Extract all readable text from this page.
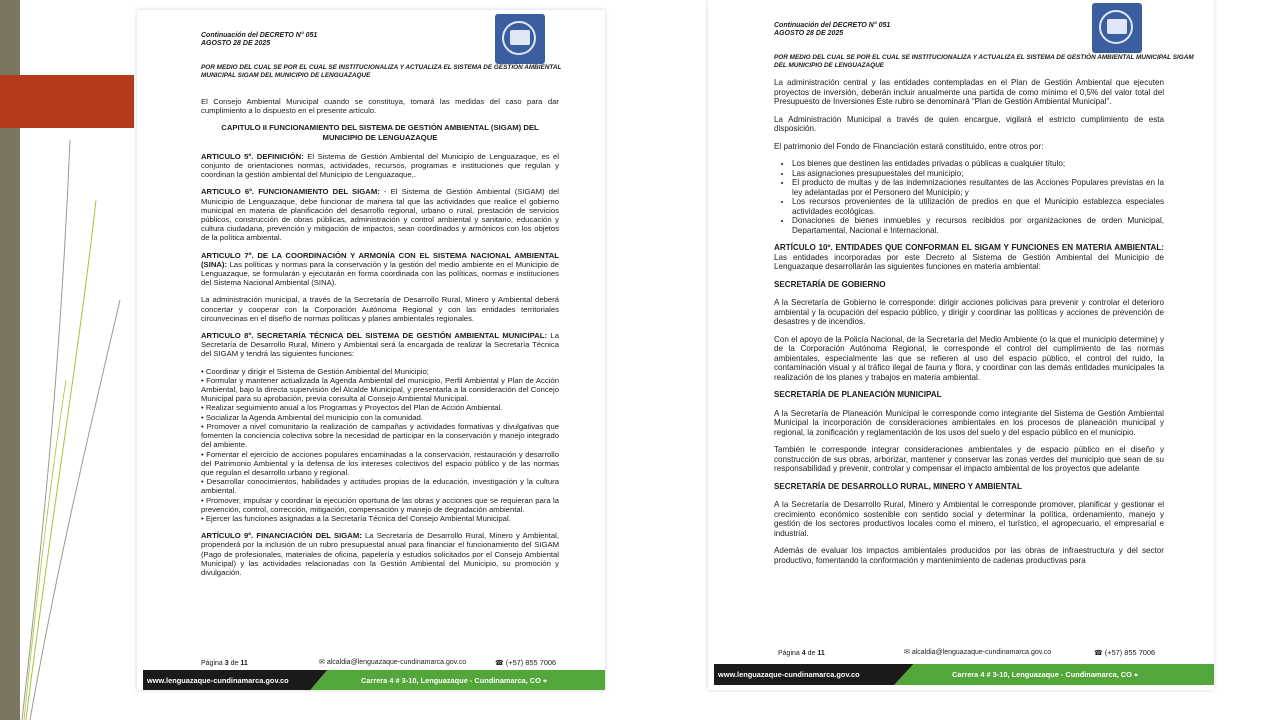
Continuación del DECRETO N° 051
AGOSTO 28 DE 2025
POR MEDIO DEL CUAL SE POR EL CUAL SE INSTITUCIONALIZA Y ACTUALIZA EL SISTEMA DE GESTIÓN AMBIENTAL MUNICIPAL SIGAM DEL MUNICIPIO DE LENGUAZAQUE

El Consejo Ambiental Municipal cuando se constituya, tomará las medidas del caso para dar cumplimiento a lo dispuesto en el presente artículo.

CAPITULO II FUNCIONAMIENTO DEL SISTEMA DE GESTIÓN AMBIENTAL (SIGAM) DEL MUNICIPIO DE LENGUAZAQUE

ARTICULO 5º. DEFINICIÓN: El Sistema de Gestión Ambiental del Municipio de Lenguazaque, es el conjunto de orientaciones normas, actividades, recursos, programas e instituciones que regulan y coordinan la gestión ambiental del Municipio de Lenguazaque,.

ARTICULO 6º. FUNCIONAMIENTO DEL SIGAM: - El Sistema de Gestión Ambiental (SIGAM) del Municipio de Lenguazaque, debe funcionar de manera tal que las actividades que realice el gobierno municipal en materia de planificación del desarrollo regional, urbano o rural, prestación de servicios públicos, construcción de obras públicas, administración y control ambiental y sanitario, educación y cultura ciudadana, prevención y mitigación de impactos, sean coordinados y armónicos con los objetos de la política ambiental.

ARTICULO 7º. DE LA COORDINACIÓN Y ARMONÍA CON EL SISTEMA NACIONAL AMBIENTAL (SINA): Las políticas y normas para la conservación y la gestión del medio ambiente en el Municipio de Lenguazaque, se formularán y ejecutarán en forma coordinada con las políticas, normas e instituciones del Sistema Nacional Ambiental (SINA).

La administración municipal, a través de la Secretaría de Desarrollo Rural, Minero y Ambiental deberá concertar y cooperar con la Corporación Autónoma Regional y con las entidades territoriales circunvecinas en el diseño de normas políticas y planes ambientales regionales.

ARTICULO 8º. SECRETARÍA TÉCNICA DEL SISTEMA DE GESTIÓN AMBIENTAL MUNICIPAL: La Secretaría de Desarrollo Rural, Minero y Ambiental será la encargada de realizar la Secretaría Técnica del SIGAM y tendrá las siguientes funciones:

• Coordinar y dirigir el Sistema de Gestión Ambiental del Municipio;
• Formular y mantener actualizada la Agenda Ambiental del municipio, Perfil Ambiental y Plan de Acción Ambiental, bajo la directa supervisión del Alcalde Municipal, y presentarla a la consideración del Concejo Municipal para su aprobación, previa consulta al Consejo Ambiental Municipal.
• Realizar seguimiento anual a los Programas y Proyectos del Plan de Acción Ambiental.
• Socializar la Agenda Ambiental del municipio con la comunidad.
• Promover a nivel comunitario la realización de campañas y actividades formativas y divulgativas que fomenten la conciencia colectiva sobre la necesidad de participar en la conservación y manejo integrado del ambiente.
• Fomentar el ejercicio de acciones populares encaminadas a la conservación, restauración y desarrollo del Patrimonio Ambiental y la defensa de los intereses colectivos del espacio público y de las normas que regulan el desarrollo urbano y regional.
• Desarrollar conocimientos, habilidades y actitudes propias de la educación, investigación y la cultura ambiental.
• Promover, impulsar y coordinar la ejecución oportuna de las obras y acciones que se requieran para la prevención, control, corrección, mitigación, compensación y manejo de degradación ambiental.
• Ejercer las funciones asignadas a la Secretaría Técnica del Consejo Ambiental Municipal.

ARTÍCULO 9º. FINANCIACIÓN DEL SIGAM: La Secretaría de Desarrollo Rural, Minero y Ambiental, propenderá por la inclusión de un rubro presupuestal anual para financiar el funcionamiento del SIGAM (Pago de profesionales, materiales de oficina, papelería y estudios solicitados por el Consejo Ambiental Municipal) y las actividades relacionadas con la Gestión Ambiental del Municipio, su promoción y divulgación.

Página 3 de 11	✉ alcaldia@lenguazaque-cundinamarca.gov.co	☎ (+57) 855 7006
www.lenguazaque-cundinamarca.gov.co	Carrera 4 # 3-10, Lenguazaque - Cundinamarca, CO ⌖
Continuación del DECRETO N° 051
AGOSTO 28 DE 2025
POR MEDIO DEL CUAL SE POR EL CUAL SE INSTITUCIONALIZA Y ACTUALIZA EL SISTEMA DE GESTIÓN AMBIENTAL MUNICIPAL SIGAM DEL MUNICIPIO DE LENGUAZAQUE

La administración central y las entidades contempladas en el Plan de Gestión Ambiental que ejecuten proyectos de inversión, deberán incluir anualmente una partida de como mínimo el 0,5% del valor total del Presupuesto de Inversiones Este rubro se denominará “Plan de Gestión Ambiental Municipal”.

La Administración Municipal a través de quien encargue, vigilará el estricto cumplimiento de esta disposición.

El patrimonio del Fondo de Financiación estará constituido, entre otros por:

• Los bienes que destinen las entidades privadas o públicas a cualquier título;
• Las asignaciones presupuestales del municipio;
• El producto de multas y de las indemnizaciones resultantes de las Acciones Populares previstas en la ley adelantadas por el Personero del Municipio; y
• Los recursos provenientes de la utilización de predios en que el Municipio establezca especiales actividades ecológicas.
• Donaciones de bienes inmuebles y recursos recibidos por organizaciones de orden Municipal, Departamental, Nacional e Internacional.

ARTÍCULO 10º. ENTIDADES QUE CONFORMAN EL SIGAM Y FUNCIONES EN MATERIA AMBIENTAL: Las entidades incorporadas por este Decreto al Sistema de Gestión Ambiental del Municipio de Lenguazaque desarrollarán las siguientes funciones en materia ambiental:

SECRETARÍA DE GOBIERNO

A la Secretaría de Gobierno le corresponde: dirigir acciones policivas para prevenir y controlar el deterioro ambiental y la ocupación del espacio público, y dirigir y coordinar las políticas y acciones de prevención de desastres y de incendios.

Con el apoyo de la Policía Nacional, de la Secretaría del Medio Ambiente (o la que el municipio determine) y de la Corporación Autónoma Regional, le corresponde el control del cumplimiento de las normas ambientales, especialmente las que se refieren al uso del espacio público, el control del ruido, la contaminación visual y al tráfico ilegal de fauna y flora, y coordinar con las demás entidades municipales la realización de los planes y trabajos en materia ambiental.

SECRETARÍA DE PLANEACIÓN MUNICIPAL

A la Secretaría de Planeación Municipal le corresponde como integrante del Sistema de Gestión Ambiental Municipal la incorporación de consideraciones ambientales en los procesos de planeación municipal y regional, la zonificación y reglamentación de los usos del suelo y del espacio público en el municipio.

También le corresponde integrar consideraciones ambientales y de espacio público en el diseño y construcción de sus obras, arborizar, mantener y conservar las zonas verdes del municipio que sean de su responsabilidad y prevenir, controlar y compensar el impacto ambiental de los proyectos que adelante

SECRETARÍA DE DESARROLLO RURAL, MINERO Y AMBIENTAL

A la Secretaría de Desarrollo Rural, Minero y Ambiental le corresponde promover, planificar y gestionar el crecimiento económico sostenible con sentido social y determinar la política, ordenamiento, manejo y gestión de los sectores productivos locales como el minero, el turístico, el agropecuario, el empresarial e industrial.

Además de evaluar los impactos ambientales producidos por las obras de infraestructura y del sector productivo, fomentando la conformación y mantenimiento de cadenas productivas para

Página 4 de 11	✉ alcaldia@lenguazaque-cundinamarca.gov.co	☎ (+57) 855 7006
www.lenguazaque-cundinamarca.gov.co	Carrera 4 # 3-10, Lenguazaque - Cundinamarca, CO ⌖
